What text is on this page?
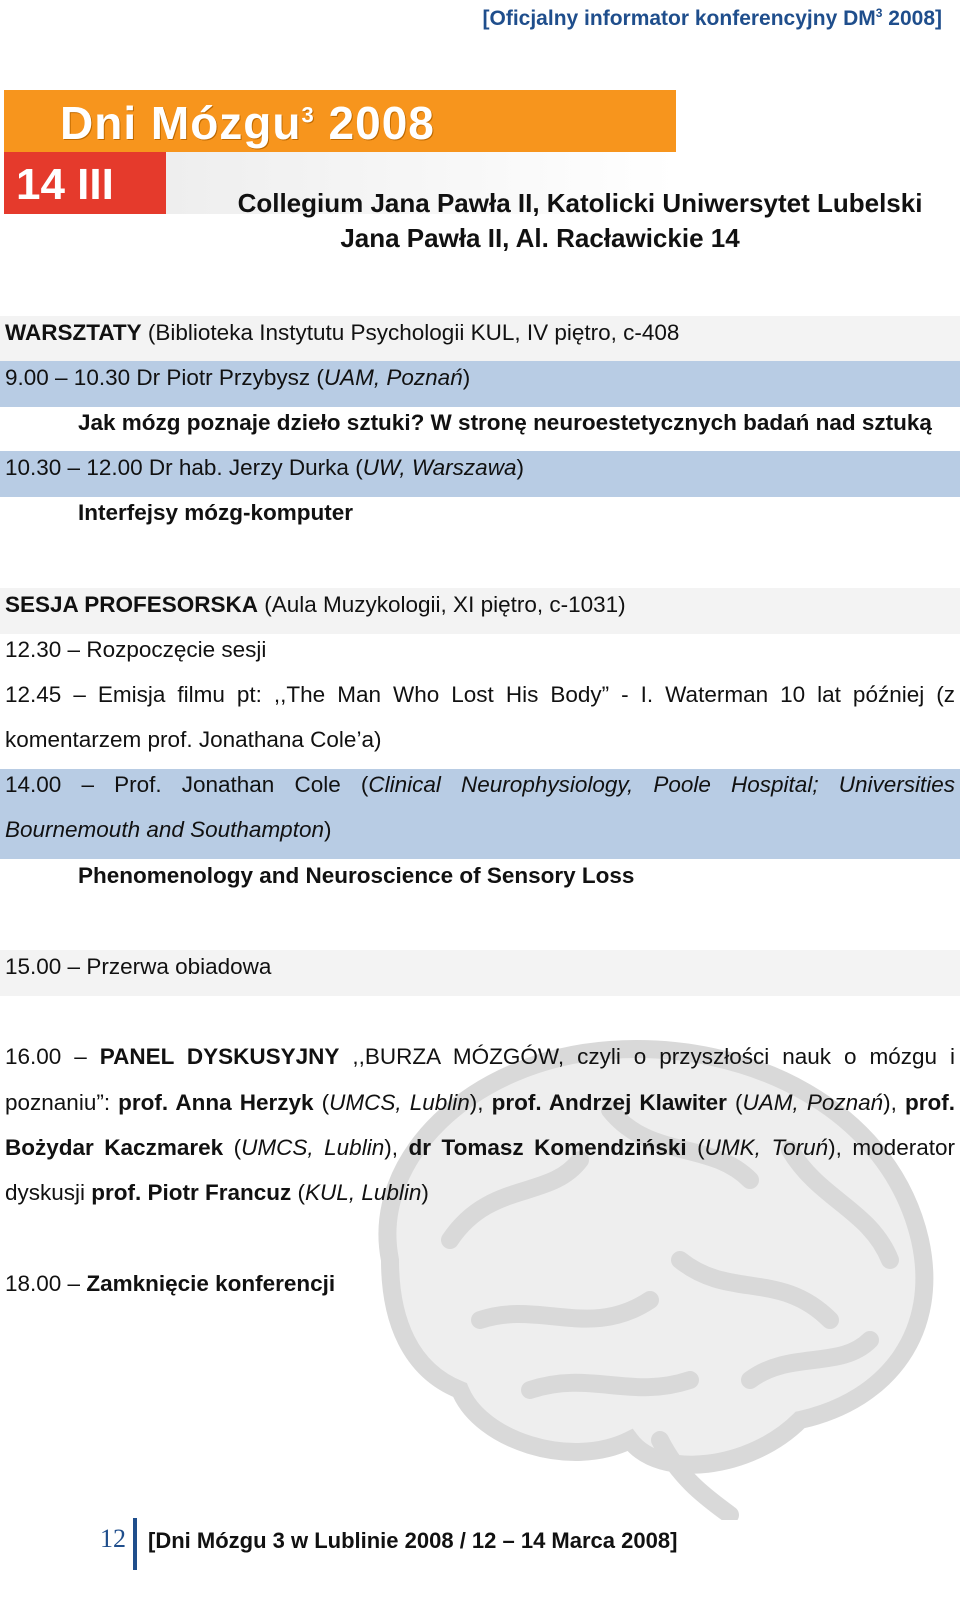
[Oficjalny informator konferencyjny $DM^3$ 2008]
Dni Mózgu$^3$ 2008
14 III	Collegium Jana Pawła II, Katolicki Uniwersytet Lubelski
Jana Pawła II, Al. Racławickie 14
WARSZTATY (Biblioteka Instytutu Psychologii KUL, IV piętro, c-408
9.00 – 10.30 Dr Piotr Przybysz (UAM, Poznań)
Jak mózg poznaje dzieło sztuki? W stronę neuroestetycznych badań nad sztuką
10.30 – 12.00 Dr hab. Jerzy Durka (UW, Warszawa)
Interfejsy mózg-komputer
SESJA PROFESORSKA (Aula Muzykologii, XI piętro, c-1031)
12.30 – Rozpoczęcie sesji
12.45 – Emisja filmu pt: ,,The Man Who Lost His Body” - I. Waterman 10 lat później (z
komentarzem prof. Jonathana Cole’a)
14.00 – Prof. Jonathan Cole (Clinical Neurophysiology, Poole Hospital; Universities
Bournemouth and Southampton)
Phenomenology and Neuroscience of Sensory Loss
15.00 – Przerwa obiadowa
16.00 – PANEL DYSKUSYJNY ,,BURZA MÓZGÓW, czyli o przyszłości nauk o mózgu i
poznaniu”: prof. Anna Herzyk (UMCS, Lublin), prof. Andrzej Klawiter (UAM, Poznań), prof.
Bożydar Kaczmarek (UMCS, Lublin), dr Tomasz Komendziński (UMK, Toruń), moderator
dyskusji prof. Piotr Francuz (KUL, Lublin)
18.00 – Zamknięcie konferencji
12 [Dni Mózgu 3 w Lublinie 2008 / 12 – 14 Marca 2008]
